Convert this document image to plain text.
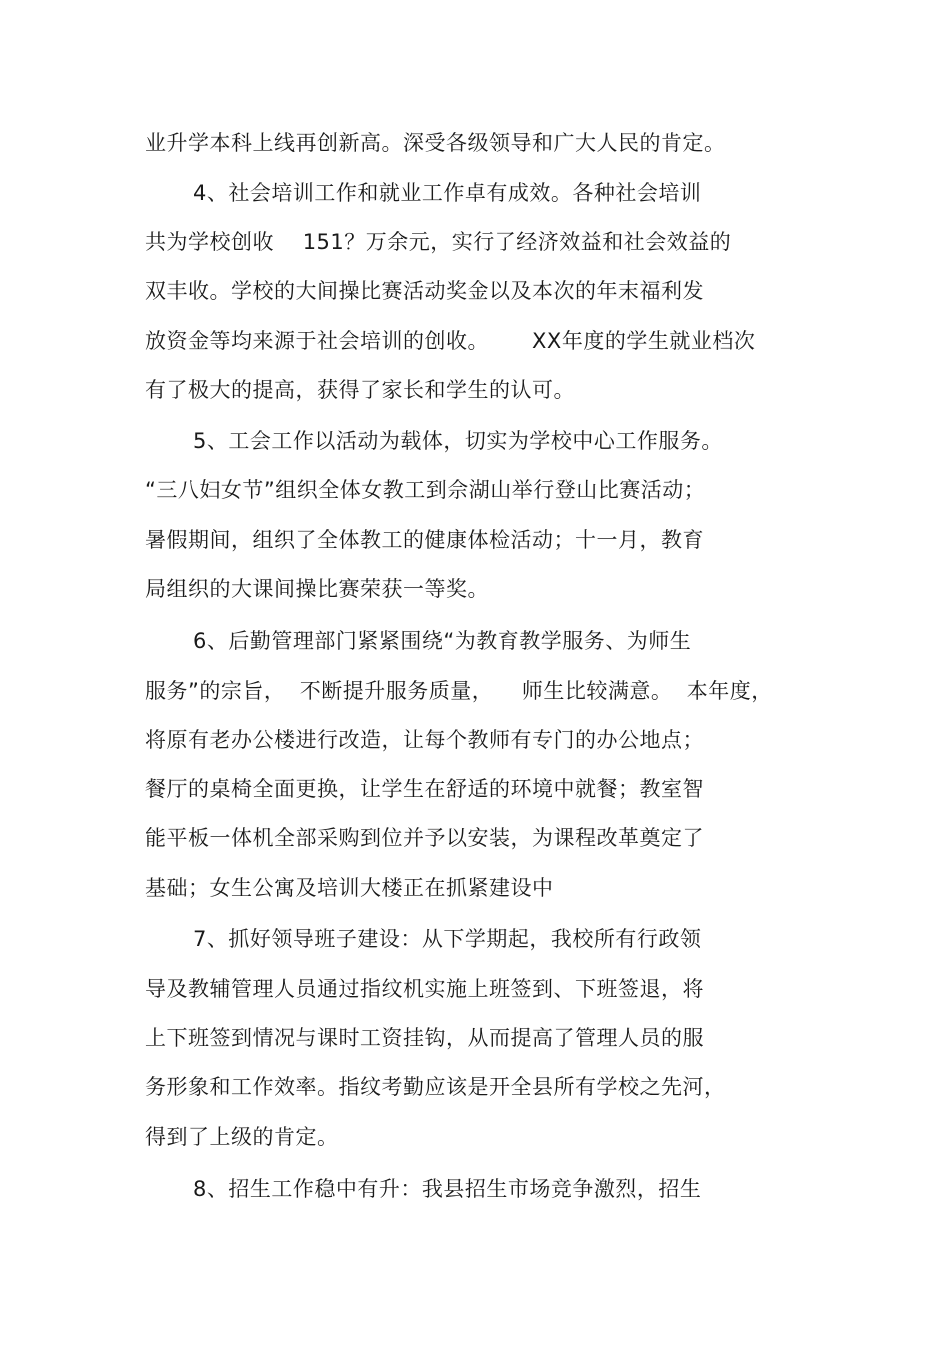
业升学本科上线再创新高。深受各级领导和广大人民的肯定。
4、社会培训工作和就业工作卓有成效。各种社会培训
共为学校创收    151？万余元，实行了经济效益和社会效益的
双丰收。学校的大间操比赛活动奖金以及本次的年末福利发
放资金等均来源于社会培训的创收。      XX年度的学生就业档次
有了极大的提高，获得了家长和学生的认可。
5、工会工作以活动为载体，切实为学校中心工作服务。
“三八妇女节”组织全体女教工到佘湖山举行登山比赛活动；
暑假期间，组织了全体教工的健康体检活动；十一月，教育
局组织的大课间操比赛荣获一等奖。
6、后勤管理部门紧紧围绕“为教育教学服务、为师生
服务”的宗旨，  不断提升服务质量，    师生比较满意。  本年度，
将原有老办公楼进行改造，让每个教师有专门的办公地点；
餐厅的桌椅全面更换，让学生在舒适的环境中就餐；教室智
能平板一体机全部采购到位并予以安装，为课程改革奠定了
基础；女生公寓及培训大楼正在抓紧建设中
7、抓好领导班子建设：从下学期起，我校所有行政领
导及教辅管理人员通过指纹机实施上班签到、下班签退，将
上下班签到情况与课时工资挂钩，从而提高了管理人员的服
务形象和工作效率。指纹考勤应该是开全县所有学校之先河，
得到了上级的肯定。
8、招生工作稳中有升：我县招生市场竞争激烈，招生
